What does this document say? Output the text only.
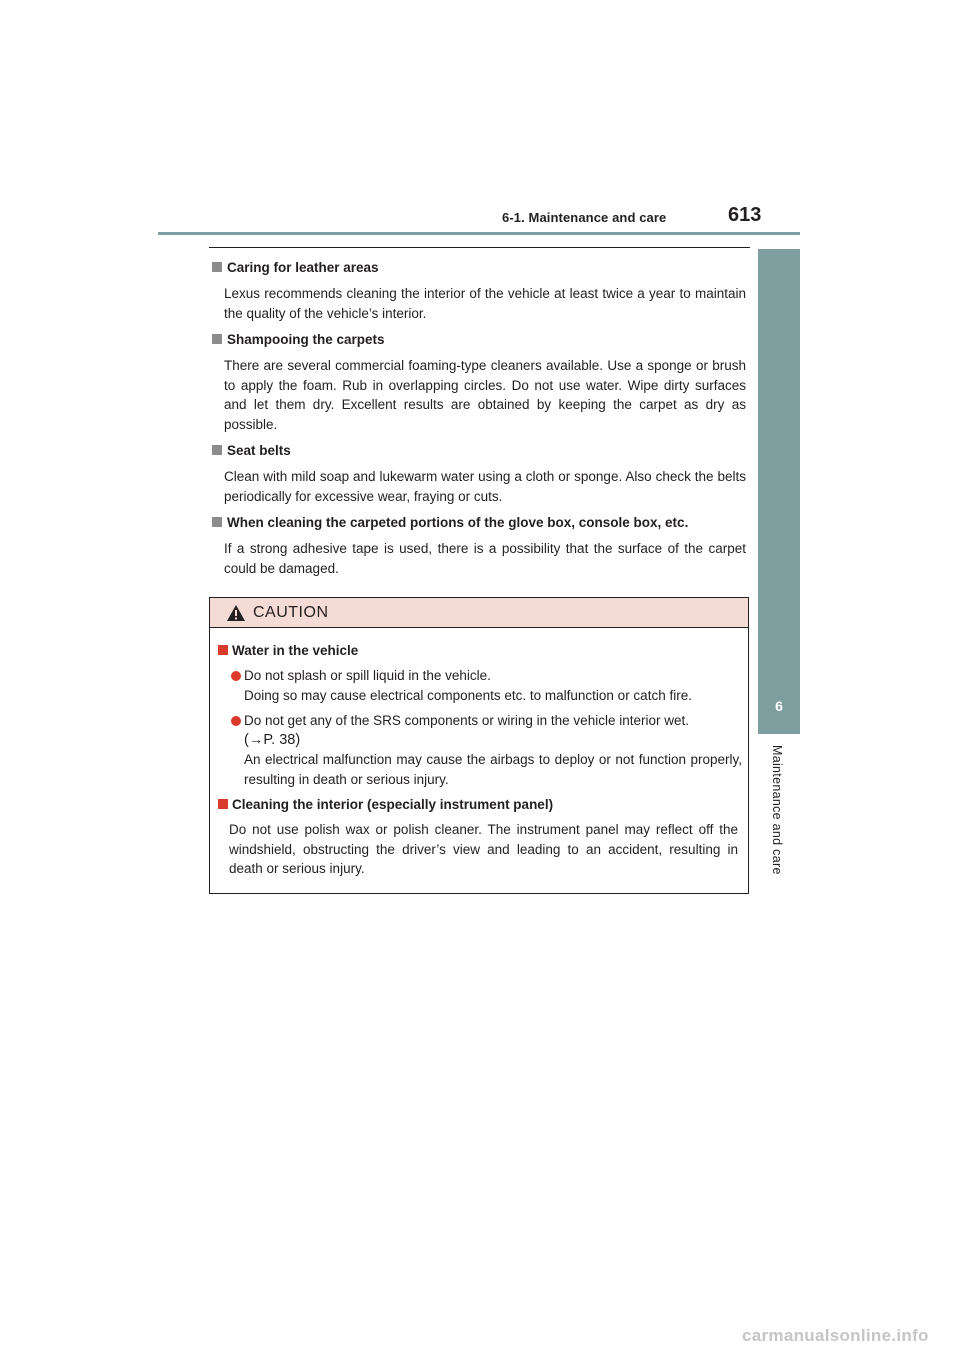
6-1. Maintenance and care	613
6
Maintenance and care
Caring for leather areas
Lexus recommends cleaning the interior of the vehicle at least twice a year to maintain the quality of the vehicle’s interior.
Shampooing the carpets
There are several commercial foaming-type cleaners available. Use a sponge or brush to apply the foam. Rub in overlapping circles. Do not use water. Wipe dirty surfaces and let them dry. Excellent results are obtained by keeping the carpet as dry as possible.
Seat belts
Clean with mild soap and lukewarm water using a cloth or sponge. Also check the belts periodically for excessive wear, fraying or cuts.
When cleaning the carpeted portions of the glove box, console box, etc.
If a strong adhesive tape is used, there is a possibility that the surface of the carpet could be damaged.
CAUTION
Water in the vehicle
Do not splash or spill liquid in the vehicle.
Doing so may cause electrical components etc. to malfunction or catch fire.
Do not get any of the SRS components or wiring in the vehicle interior wet.
(→P. 38)
An electrical malfunction may cause the airbags to deploy or not function properly, resulting in death or serious injury.
Cleaning the interior (especially instrument panel)
Do not use polish wax or polish cleaner. The instrument panel may reflect off the windshield, obstructing the driver’s view and leading to an accident, resulting in death or serious injury.
carmanualsonline.info
